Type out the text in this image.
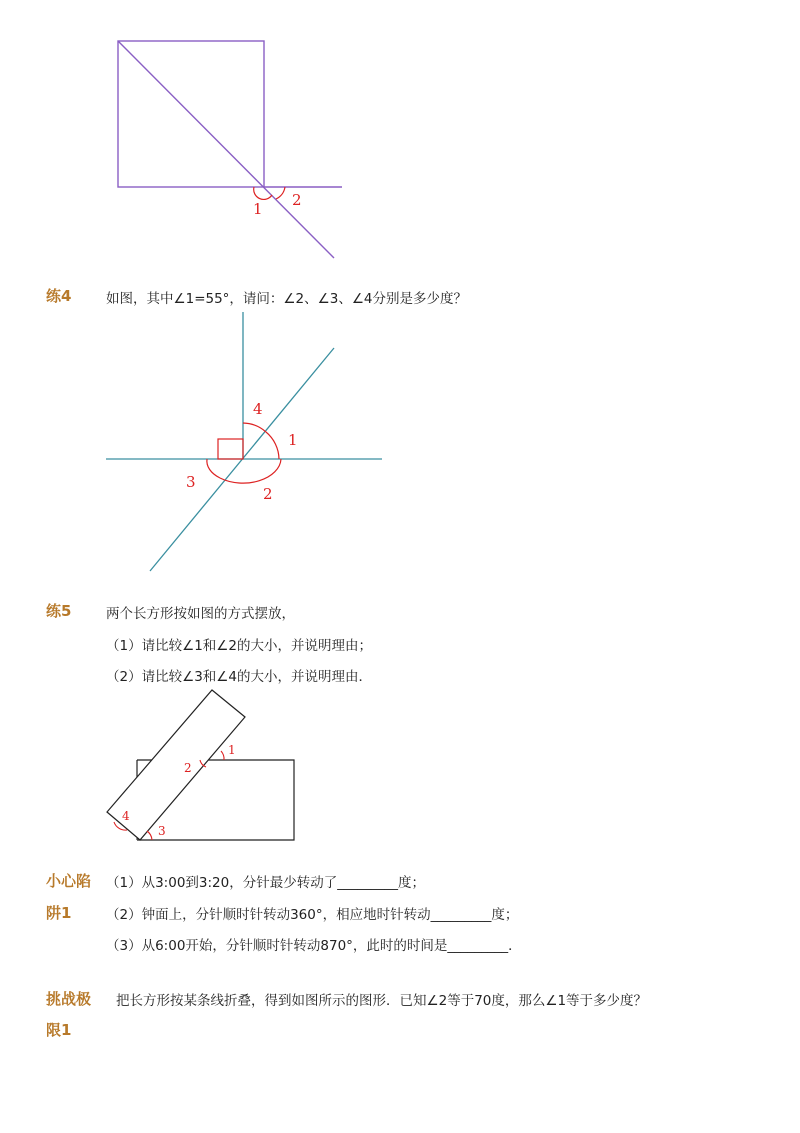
1 2
练4	如图，其中∠1=55°，请问：∠2、∠3、∠4分别是多少度？
4
1
3
2
练5	两个长方形按如图的方式摆放，
（1）请比较∠1和∠2的大小，并说明理由；
（2）请比较∠3和∠4的大小，并说明理由．
1
2
4
3
小心陷
阱1
（1）从3:00到3:20，分针最少转动了_________度；
（2）钟面上，分针顺时针转动360°，相应地时针转动_________度；
（3）从6:00开始，分针顺时针转动870°，此时的时间是_________．
挑战极
限1
把长方形按某条线折叠，得到如图所示的图形．已知∠2等于70度，那么∠1等于多少度？
